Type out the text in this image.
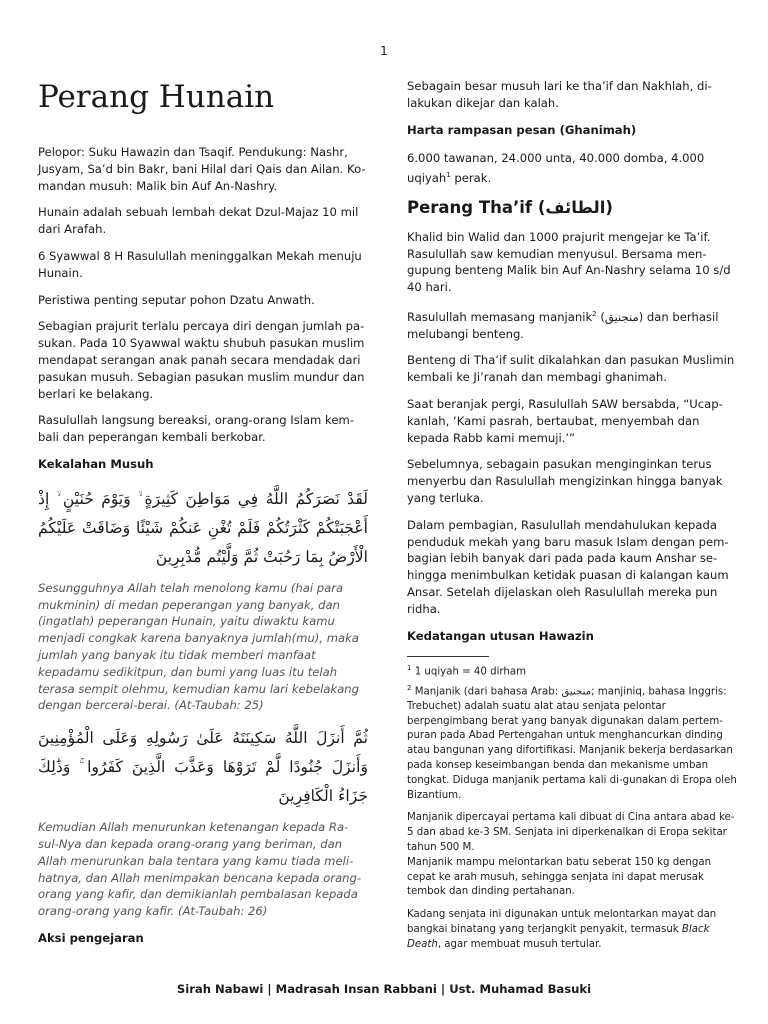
1
Perang Hunain

Pelopor: Suku Hawazin dan Tsaqif. Pendukung: Nashr, Jusyam, Sa’d bin Bakr, bani Hilal dari Qais dan Ailan. Ko-mandan musuh: Malik bin Auf An-Nashry.

Hunain adalah sebuah lembah dekat Dzul-Majaz 10 mil dari Arafah.

6 Syawwal 8 H Rasulullah meninggalkan Mekah menuju Hunain.

Peristiwa penting seputar pohon Dzatu Anwath.

Sebagian prajurit terlalu percaya diri dengan jumlah pa-sukan. Pada 10 Syawwal waktu shubuh pasukan muslim mendapat serangan anak panah secara mendadak dari pasukan musuh. Sebagian pasukan muslim mundur dan berlari ke belakang.

Rasulullah langsung bereaksi, orang-orang Islam kem-bali dan peperangan kembali berkobar.

Kekalahan Musuh

لَقَدْ نَصَرَكُمُ اللَّهُ فِي مَوَاطِنَ كَثِيرَةٍ ۙ وَيَوْمَ حُنَيْنٍ ۙ إِذْ أَعْجَبَتْكُمْ كَثْرَتُكُمْ فَلَمْ تُغْنِ عَنكُمْ شَيْئًا وَضَاقَتْ عَلَيْكُمُ الْأَرْضُ بِمَا رَحُبَتْ ثُمَّ وَلَّيْتُم مُّدْبِرِينَ

Sesungguhnya Allah telah menolong kamu (hai para mukminin) di medan peperangan yang banyak, dan (ingatlah) peperangan Hunain, yaitu diwaktu kamu menjadi congkak karena banyaknya jumlah(mu), maka jumlah yang banyak itu tidak memberi manfaat kepadamu sedikitpun, dan bumi yang luas itu telah terasa sempit olehmu, kemudian kamu lari kebelakang dengan bercerai-berai. (At-Taubah: 25)

ثُمَّ أَنزَلَ اللَّهُ سَكِينَتَهُ عَلَىٰ رَسُولِهِ وَعَلَى الْمُؤْمِنِينَ وَأَنزَلَ جُنُودًا لَّمْ تَرَوْهَا وَعَذَّبَ الَّذِينَ كَفَرُوا ۚ وَذَٰلِكَ جَزَاءُ الْكَافِرِينَ

Kemudian Allah menurunkan ketenangan kepada Ra-sul-Nya dan kepada orang-orang yang beriman, dan Allah menurunkan bala tentara yang kamu tiada meli-hatnya, dan Allah menimpakan bencana kepada orang-orang yang kafir, dan demikianlah pembalasan kepada orang-orang yang kafir. (At-Taubah: 26)

Aksi pengejaran

Sebagain besar musuh lari ke tha’if dan Nakhlah, di-lakukan dikejar dan kalah.

Harta rampasan pesan (Ghanimah)

6.000 tawanan, 24.000 unta, 40.000 domba, 4.000 uqiyah$^1$ perak.

Perang Tha’if (الطائف)

Khalid bin Walid dan 1000 prajurit mengejar ke Ta’if. Rasulullah saw kemudian menyusul. Bersama men-gupung benteng Malik bin Auf An-Nashry selama 10 s/d 40 hari.

Rasulullah memasang manjanik$^2$ (منجنيق) dan berhasil melubangi benteng.

Benteng di Tha’if sulit dikalahkan dan pasukan Muslimin kembali ke Ji’ranah dan membagi ghanimah.

Saat beranjak pergi, Rasulullah SAW bersabda, “Ucap-kanlah, ‘Kami pasrah, bertaubat, menyembah dan kepada Rabb kami memuji.’”

Sebelumnya, sebagain pasukan menginginkan terus menyerbu dan Rasulullah mengizinkan hingga banyak yang terluka.

Dalam pembagian, Rasulullah mendahulukan kepada penduduk mekah yang baru masuk Islam dengan pem-bagian lebih banyak dari pada pada kaum Anshar se-hingga menimbulkan ketidak puasan di kalangan kaum Ansar. Setelah dijelaskan oleh Rasulullah mereka pun ridha.

Kedatangan utusan Hawazin

$^1$ 1 uqiyah = 40 dirham

$^2$ Manjanik (dari bahasa Arab: منجنيق; manjiniq, bahasa Inggris: Trebuchet) adalah suatu alat atau senjata pelontar berpengimbang berat yang banyak digunakan dalam pertem-puran pada Abad Pertengahan untuk menghancurkan dinding atau bangunan yang difortifikasi. Manjanik bekerja berdasarkan pada konsep keseimbangan benda dan mekanisme umban tongkat. Diduga manjanik pertama kali di-gunakan di Eropa oleh Bizantium.

Manjanik dipercayai pertama kali dibuat di Cina antara abad ke-5 dan abad ke-3 SM. Senjata ini diperkenalkan di Eropa sekitar tahun 500 M.

Manjanik mampu melontarkan batu seberat 150 kg dengan cepat ke arah musuh, sehingga senjata ini dapat merusak tembok dan dinding pertahanan.

Kadang senjata ini digunakan untuk melontarkan mayat dan bangkai binatang yang terjangkit penyakit, termasuk Black Death, agar membuat musuh tertular.

Sirah Nabawi | Madrasah Insan Rabbani | Ust. Muhamad Basuki
